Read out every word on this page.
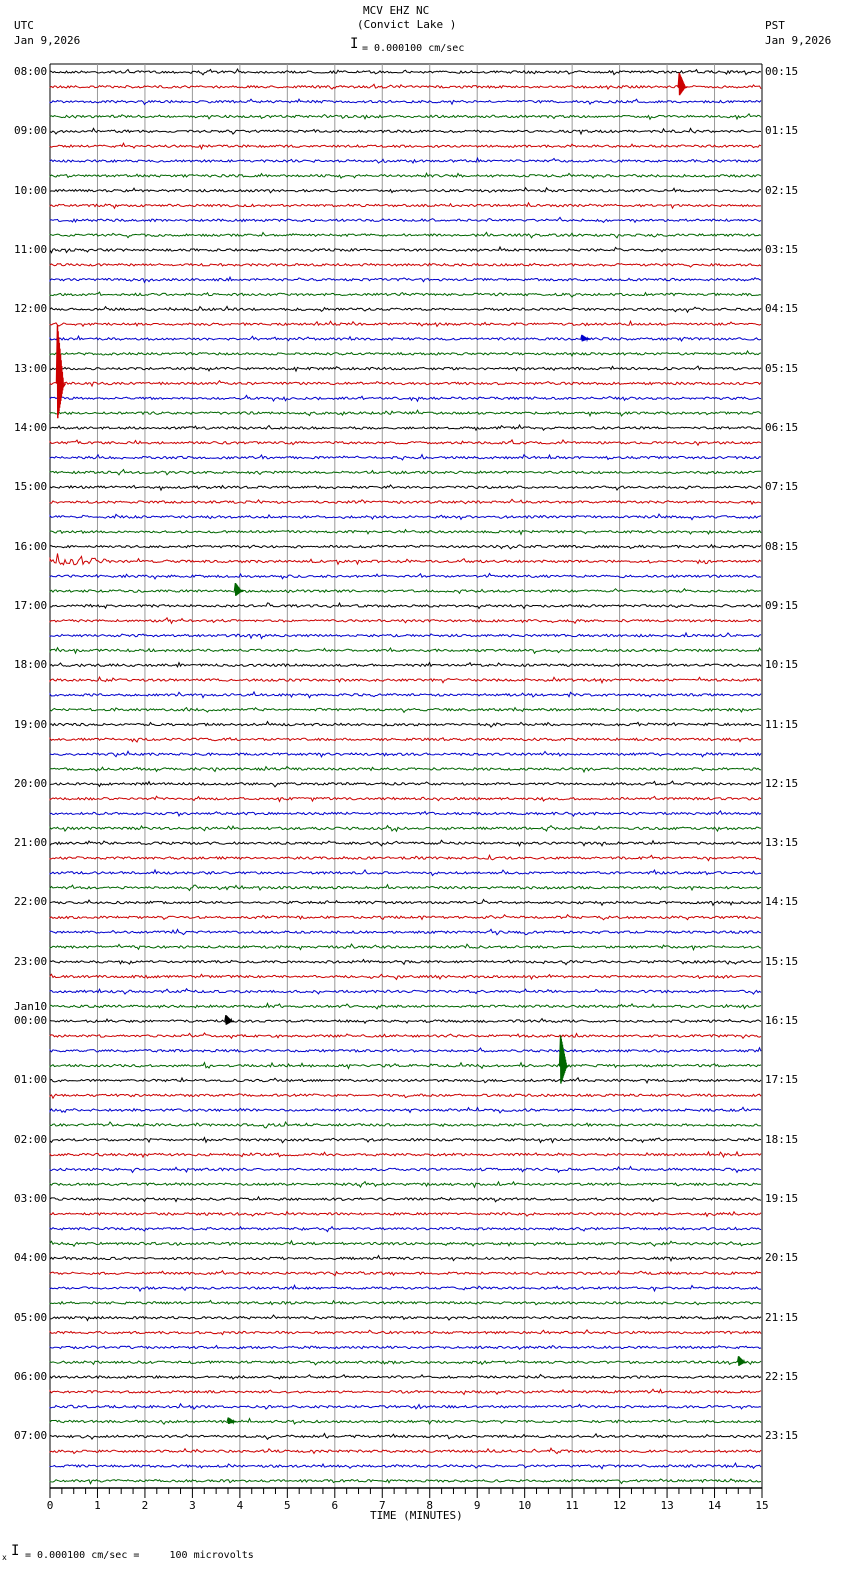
MCV EHZ NC
(Convict Lake )
UTC
Jan 9,2026
PST
Jan 9,2026
I = 0.000100 cm/sec
0	1	2	3	4	5	6	7	8	9	10	11	12	13	14	15
08:00
09:00
10:00
11:00
12:00
13:00
14:00
15:00
16:00
17:00
18:00
19:00
20:00
21:00
22:00
23:00
00:00
Jan10
01:00
02:00
03:00
04:00
05:00
06:00
07:00
00:15
01:15
02:15
03:15
04:15
05:15
06:15
07:15
08:15
09:15
10:15
11:15
12:15
13:15
14:15
15:15
16:15
17:15
18:15
19:15
20:15
21:15
22:15
23:15
TIME (MINUTES)
x I = 0.000100 cm/sec =     100 microvolts
